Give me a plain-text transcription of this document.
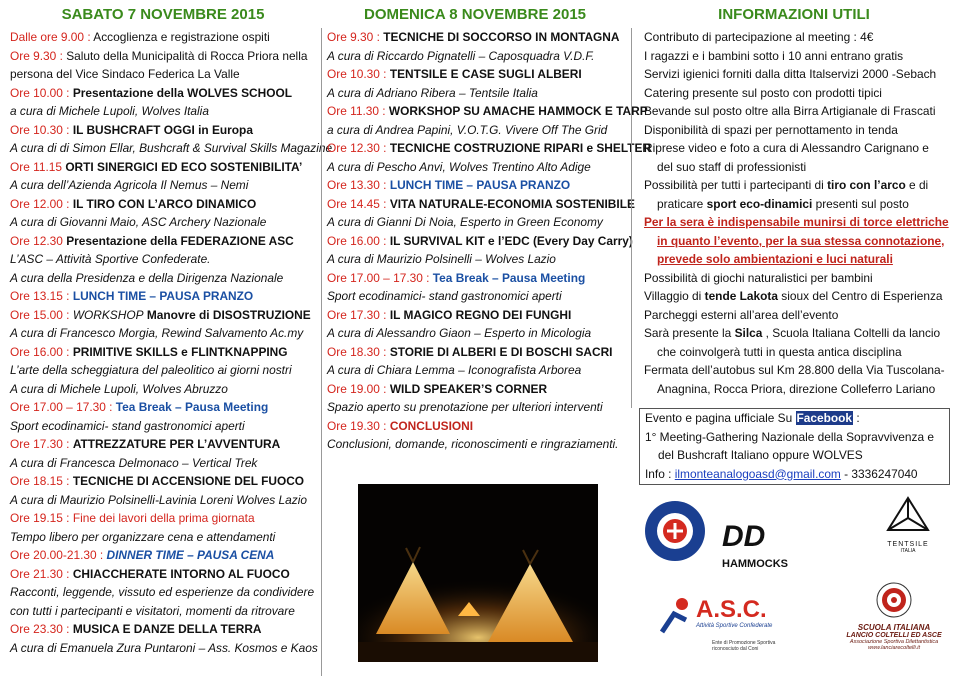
SABATO 7 NOVEMBRE 2015
Dalle ore 9.00 : Accoglienza e registrazione ospiti
Ore 9.30 : Saluto della Municipalità di Rocca Priora nella
persona del Vice Sindaco Federica La Valle
Ore 10.00 : Presentazione della WOLVES SCHOOL
a cura di Michele Lupoli, Wolves Italia
Ore 10.30 : IL BUSHCRAFT OGGI in Europa
A cura di di Simon Ellar, Bushcraft & Survival Skills Magazine
Ore 11.15 ORTI SINERGICI ED ECO SOSTENIBILITA’
A cura dell’Azienda Agricola Il Nemus – Nemi
Ore 12.00 : IL TIRO CON L’ARCO DINAMICO
A cura di Giovanni Maio, ASC Archery Nazionale
Ore 12.30 Presentazione della FEDERAZIONE ASC
L’ASC – Attività Sportive Confederate.
A cura della Presidenza e della Dirigenza Nazionale
Ore 13.15 : LUNCH TIME – PAUSA PRANZO
Ore 15.00 : WORKSHOP Manovre di DISOSTRUZIONE
A cura di Francesco Morgia, Rewind Salvamento Ac.my
Ore 16.00 : PRIMITIVE SKILLS e FLINTKNAPPING
L’arte della scheggiatura del paleolitico ai giorni nostri
A cura di Michele Lupoli, Wolves Abruzzo
Ore 17.00 – 17.30 : Tea Break – Pausa Meeting
Sport ecodinamici- stand gastronomici aperti
Ore 17.30 : ATTREZZATURE PER L’AVVENTURA
A cura di Francesca Delmonaco – Vertical Trek
Ore 18.15 : TECNICHE DI ACCENSIONE DEL FUOCO
A cura di Maurizio Polsinelli-Lavinia Loreni Wolves Lazio
Ore 19.15 : Fine dei lavori della prima giornata
Tempo libero per organizzare cena e attendamenti
Ore 20.00-21.30 : DINNER TIME – PAUSA CENA
Ore 21.30 : CHIACCHERATE INTORNO AL FUOCO
Racconti, leggende, vissuto ed esperienze da condividere
con tutti i partecipanti e visitatori, momenti da ritrovare
Ore 23.30 : MUSICA E DANZE DELLA TERRA
A cura di Emanuela Zura Puntaroni – Ass. Kosmos e Kaos
DOMENICA 8 NOVEMBRE 2015
Ore 9.30 : TECNICHE DI SOCCORSO IN MONTAGNA
A cura di Riccardo Pignatelli – Caposquadra V.D.F.
Ore 10.30 : TENTSILE E CASE SUGLI ALBERI
A cura di Adriano Ribera – Tentsile Italia
Ore 11.30 : WORKSHOP SU AMACHE HAMMOCK E TARP
a cura di Andrea Papini, V.O.T.G. Vivere Off The Grid
Ore 12.30 : TECNICHE COSTRUZIONE RIPARI e SHELTER
A cura di Pescho Anvi, Wolves Trentino Alto Adige
Ore 13.30 : LUNCH TIME – PAUSA PRANZO
Ore 14.45 : VITA NATURALE-ECONOMIA SOSTENIBILE
A cura di Gianni Di Noia, Esperto in Green Economy
Ore 16.00 : IL SURVIVAL KIT e l’EDC (Every Day Carry)
A cura di Maurizio Polsinelli – Wolves Lazio
Ore 17.00 – 17.30 : Tea Break – Pausa Meeting
Sport ecodinamici- stand gastronomici aperti
Ore 17.30 : IL MAGICO REGNO DEI FUNGHI
A cura di Alessandro Giaon – Esperto in Micologia
Ore 18.30 : STORIE DI ALBERI E DI BOSCHI SACRI
A cura di Chiara Lemma – Iconografista Arborea
Ore 19.00 : WILD SPEAKER’S CORNER
Spazio aperto su prenotazione per ulteriori interventi
Ore 19.30 : CONCLUSIONI
Conclusioni, domande, riconoscimenti e ringraziamenti.
INFORMAZIONI UTILI
Contributo di partecipazione al meeting : 4€
I ragazzi e i bambini sotto i 10 anni entrano gratis
Servizi igienici forniti dalla ditta Italservizi 2000 -Sebach
Catering presente sul posto con prodotti tipici
Bevande sul posto oltre alla Birra Artigianale di Frascati
Disponibilità di spazi per pernottamento in tenda
Riprese video e foto a cura di Alessandro Carignano e
del suo staff di professionisti
Possibilità per tutti i partecipanti di tiro con l’arco e di
praticare sport eco-dinamici presenti sul posto
Per la sera è indispensabile munirsi di torce elettriche
in quanto l’evento, per la sua stessa connotazione,
prevede solo ambientazioni e luci naturali
Possibilità di giochi naturalistici per bambini
Villaggio di tende Lakota sioux del Centro di Esperienza
Parcheggi esterni all’area dell’evento
Sarà presente la Silca , Scuola Italiana Coltelli da lancio
che coinvolgerà tutti in questa antica disciplina
Fermata dell’autobus sul Km 28.800 della Via Tuscolana-
Anagnina, Rocca Priora, direzione Colleferro Lariano
Evento e pagina ufficiale Su Facebook :
1° Meeting-Gathering Nazionale della Sopravvivenza e
del Bushcraft Italiano oppure WOLVES
Info : ilmonteanalogoasd@gmail.com - 3336247040
DD HAMMOCKS
TENTSILE
ITALIA
A.S.C.
Attività Sportive Confederate
Ente di Promozione Sportiva riconosciuto dal Coni
SCUOLA ITALIANA
LANCIO COLTELLI ED ASCE
Associazione Sportiva Dilettantistica
www.lanciarecoltelli.it
